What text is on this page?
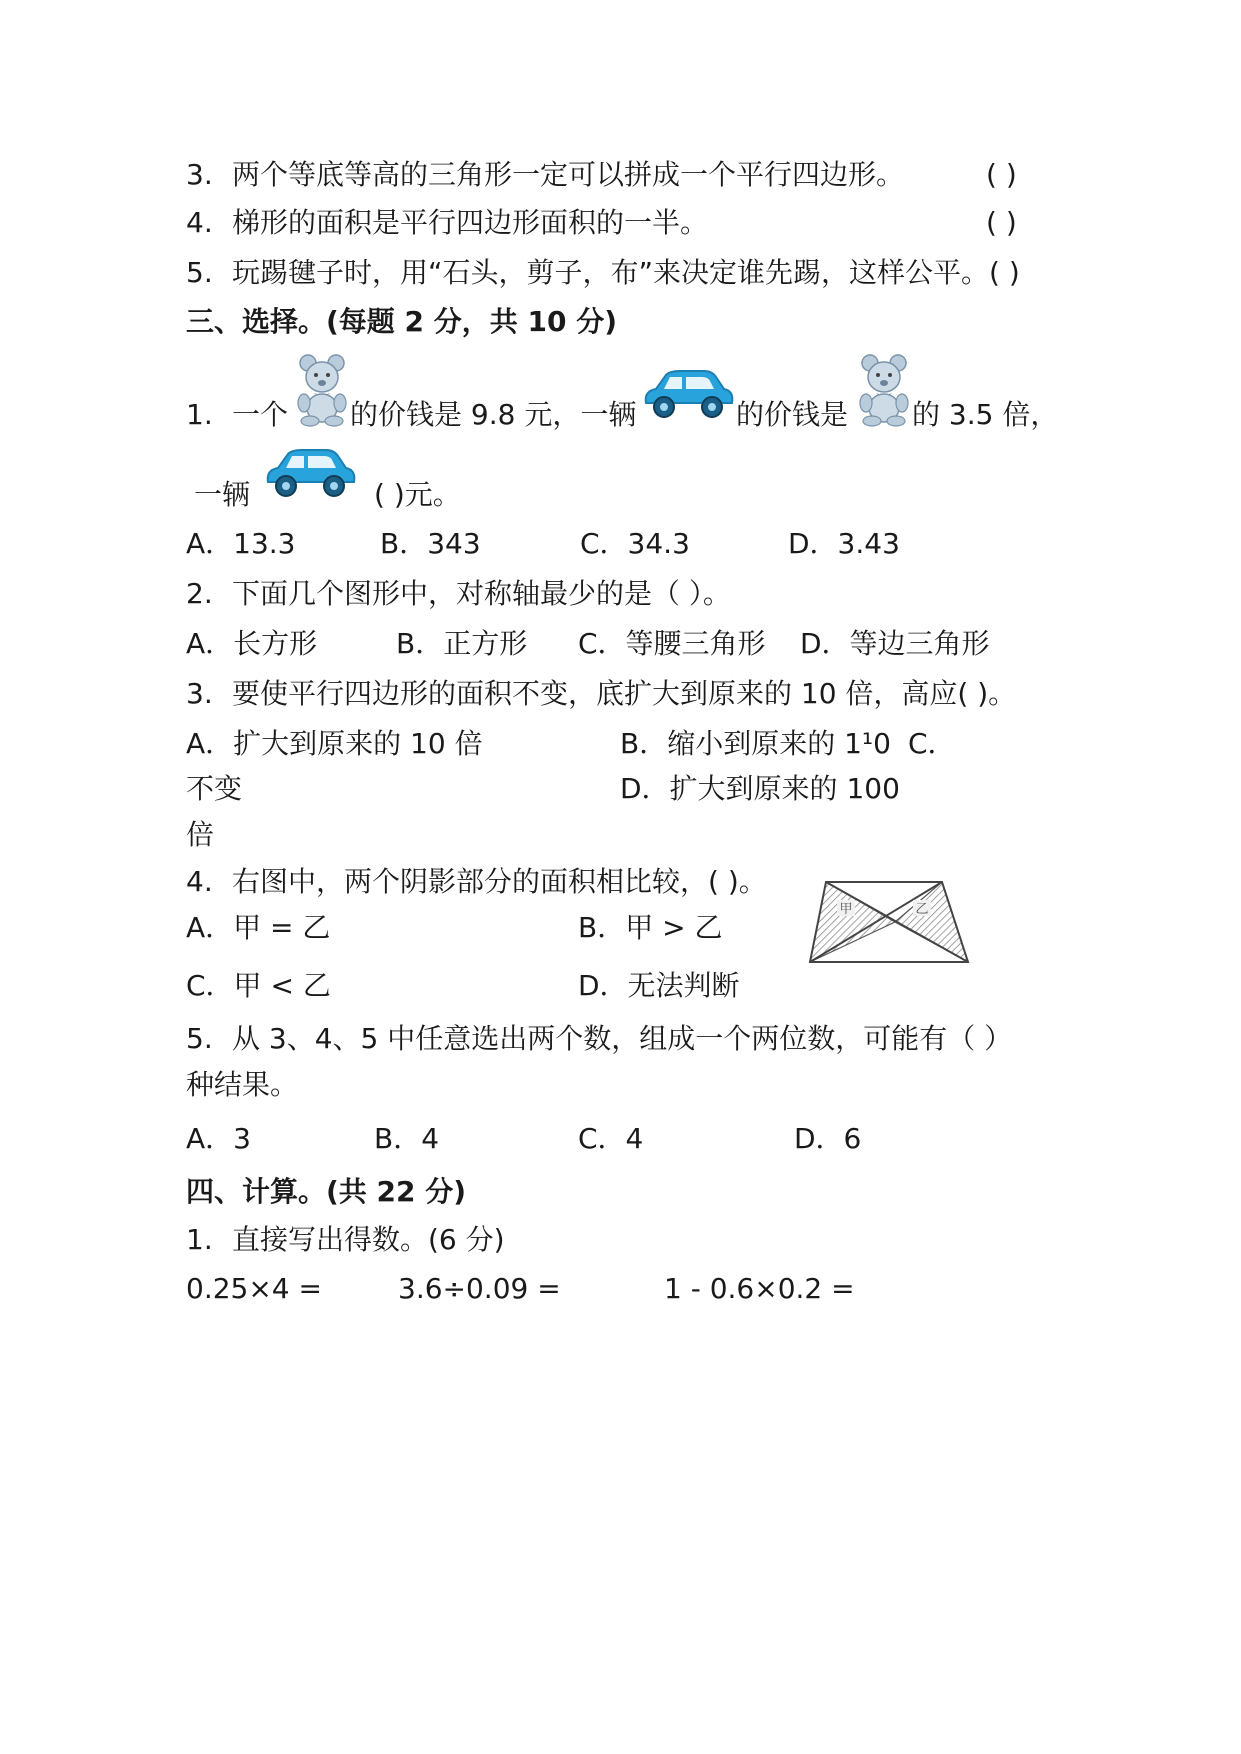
3. 两个等底等高的三角形一定可以拼成一个平行四边形。	( )
4. 梯形的面积是平行四边形面积的一半。	( )
5. 玩踢毽子时，用“石头，剪子，布”来决定谁先踢，这样公平。( )
三、选择。(每题 2 分，共 10 分)
1. 一个 的价钱是 9.8 元，一辆	的价钱是 的 3.5 倍，
一辆	( )元。
A．13.3	B．343	C．34.3	D．3.43
2. 下面几个图形中，对称轴最少的是（ ）。
A．长方形	B．正方形 C．等腰三角形 D．等边三角形
3. 要使平行四边形的面积不变，底扩大到原来的 10 倍，高应( )。
A．扩大到原来的 10 倍	B．缩小到原来的 1¹0 C．
不变	D．扩大到原来的 100
倍
4. 右图中，两个阴影部分的面积相比较，( )。
A．甲 = 乙	B．甲 > 乙
甲	乙
C．甲 < 乙	D．无法判断
5. 从 3、4、5 中任意选出两个数，组成一个两位数，可能有（ ）
种结果。
A．3	B．4	C．4	D．6
四、计算。(共 22 分)
1. 直接写出得数。(6 分)
0.25×4 =	3.6÷0.09 =	1 - 0.6×0.2 =
